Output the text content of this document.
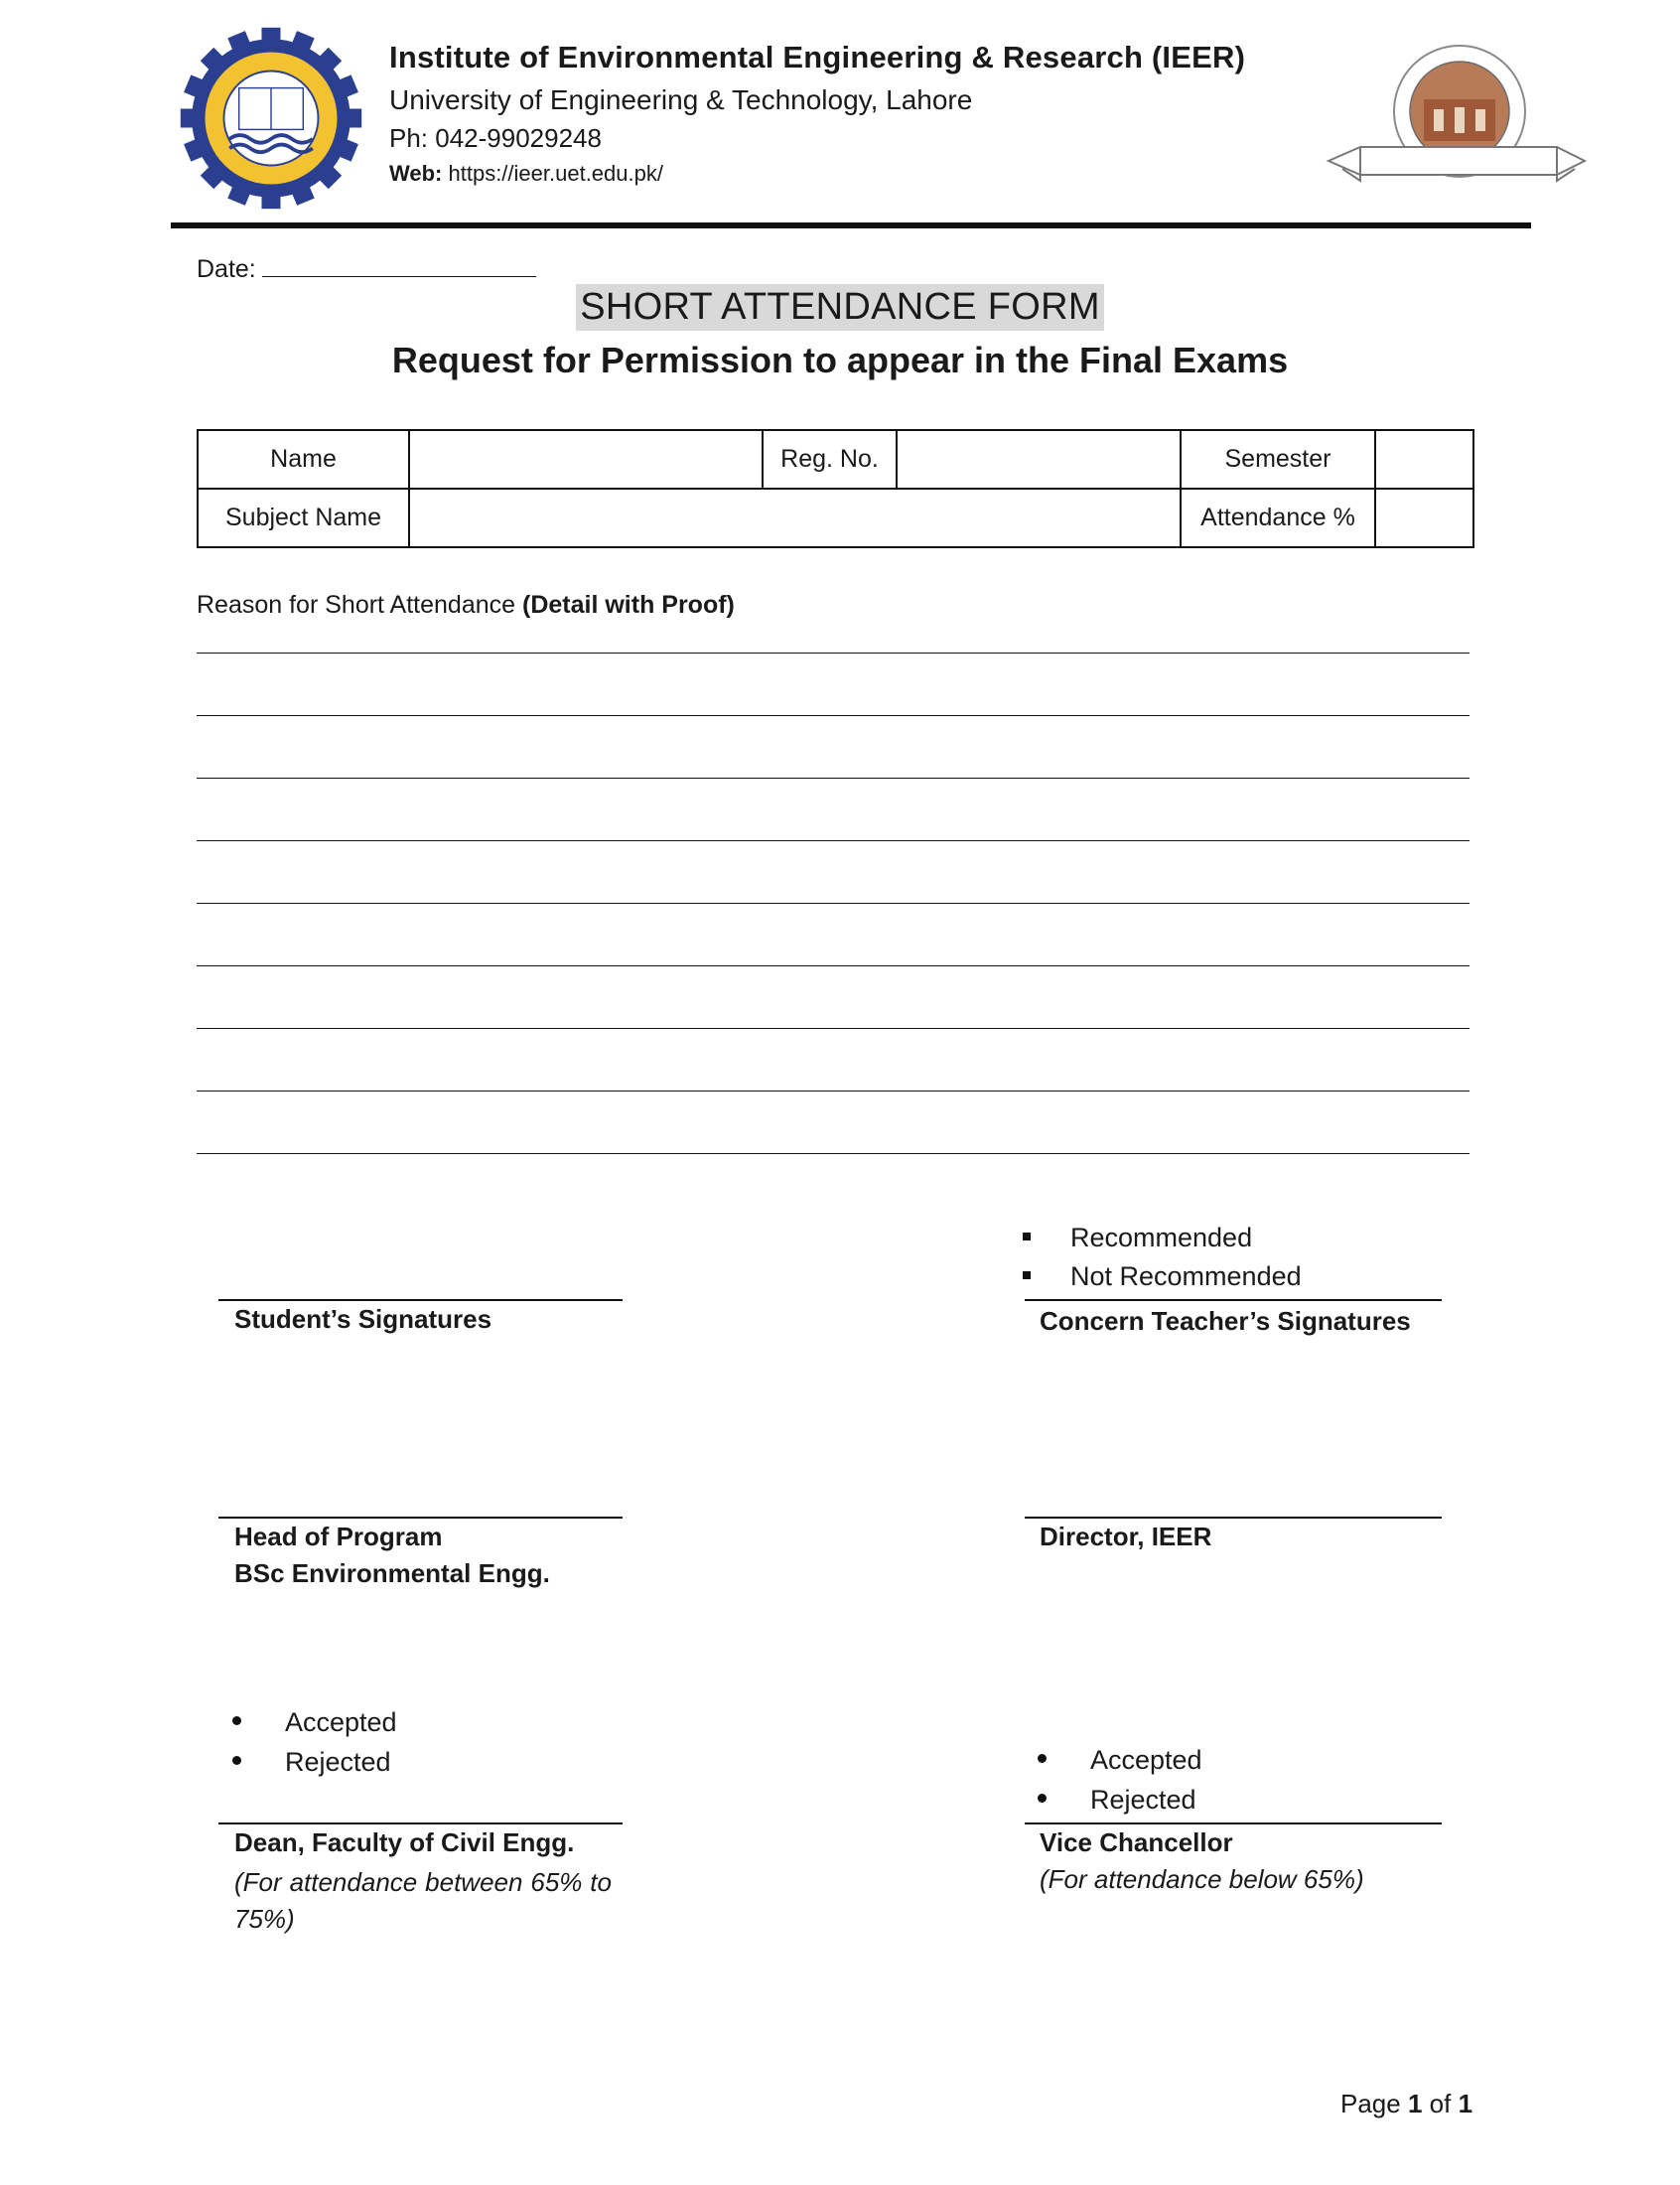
Institute of Environmental Engineering & Research (IEER)
University of Engineering & Technology, Lahore
Ph: 042-99029248
Web: https://ieer.uet.edu.pk/
Date:
SHORT ATTENDANCE FORM
Request for Permission to appear in the Final Exams
Name		Reg. No.		Semester	
Subject Name				Attendance %	
Reason for Short Attendance (Detail with Proof)
Recommended
Not Recommended
Student’s Signatures	Concern Teacher’s Signatures
Head of Program
BSc Environmental Engg.
Director, IEER
Accepted
Rejected	Accepted
Rejected
Dean, Faculty of Civil Engg.
(For attendance between 65% to 75%)
Vice Chancellor
(For attendance below 65%)
Page 1 of 1
